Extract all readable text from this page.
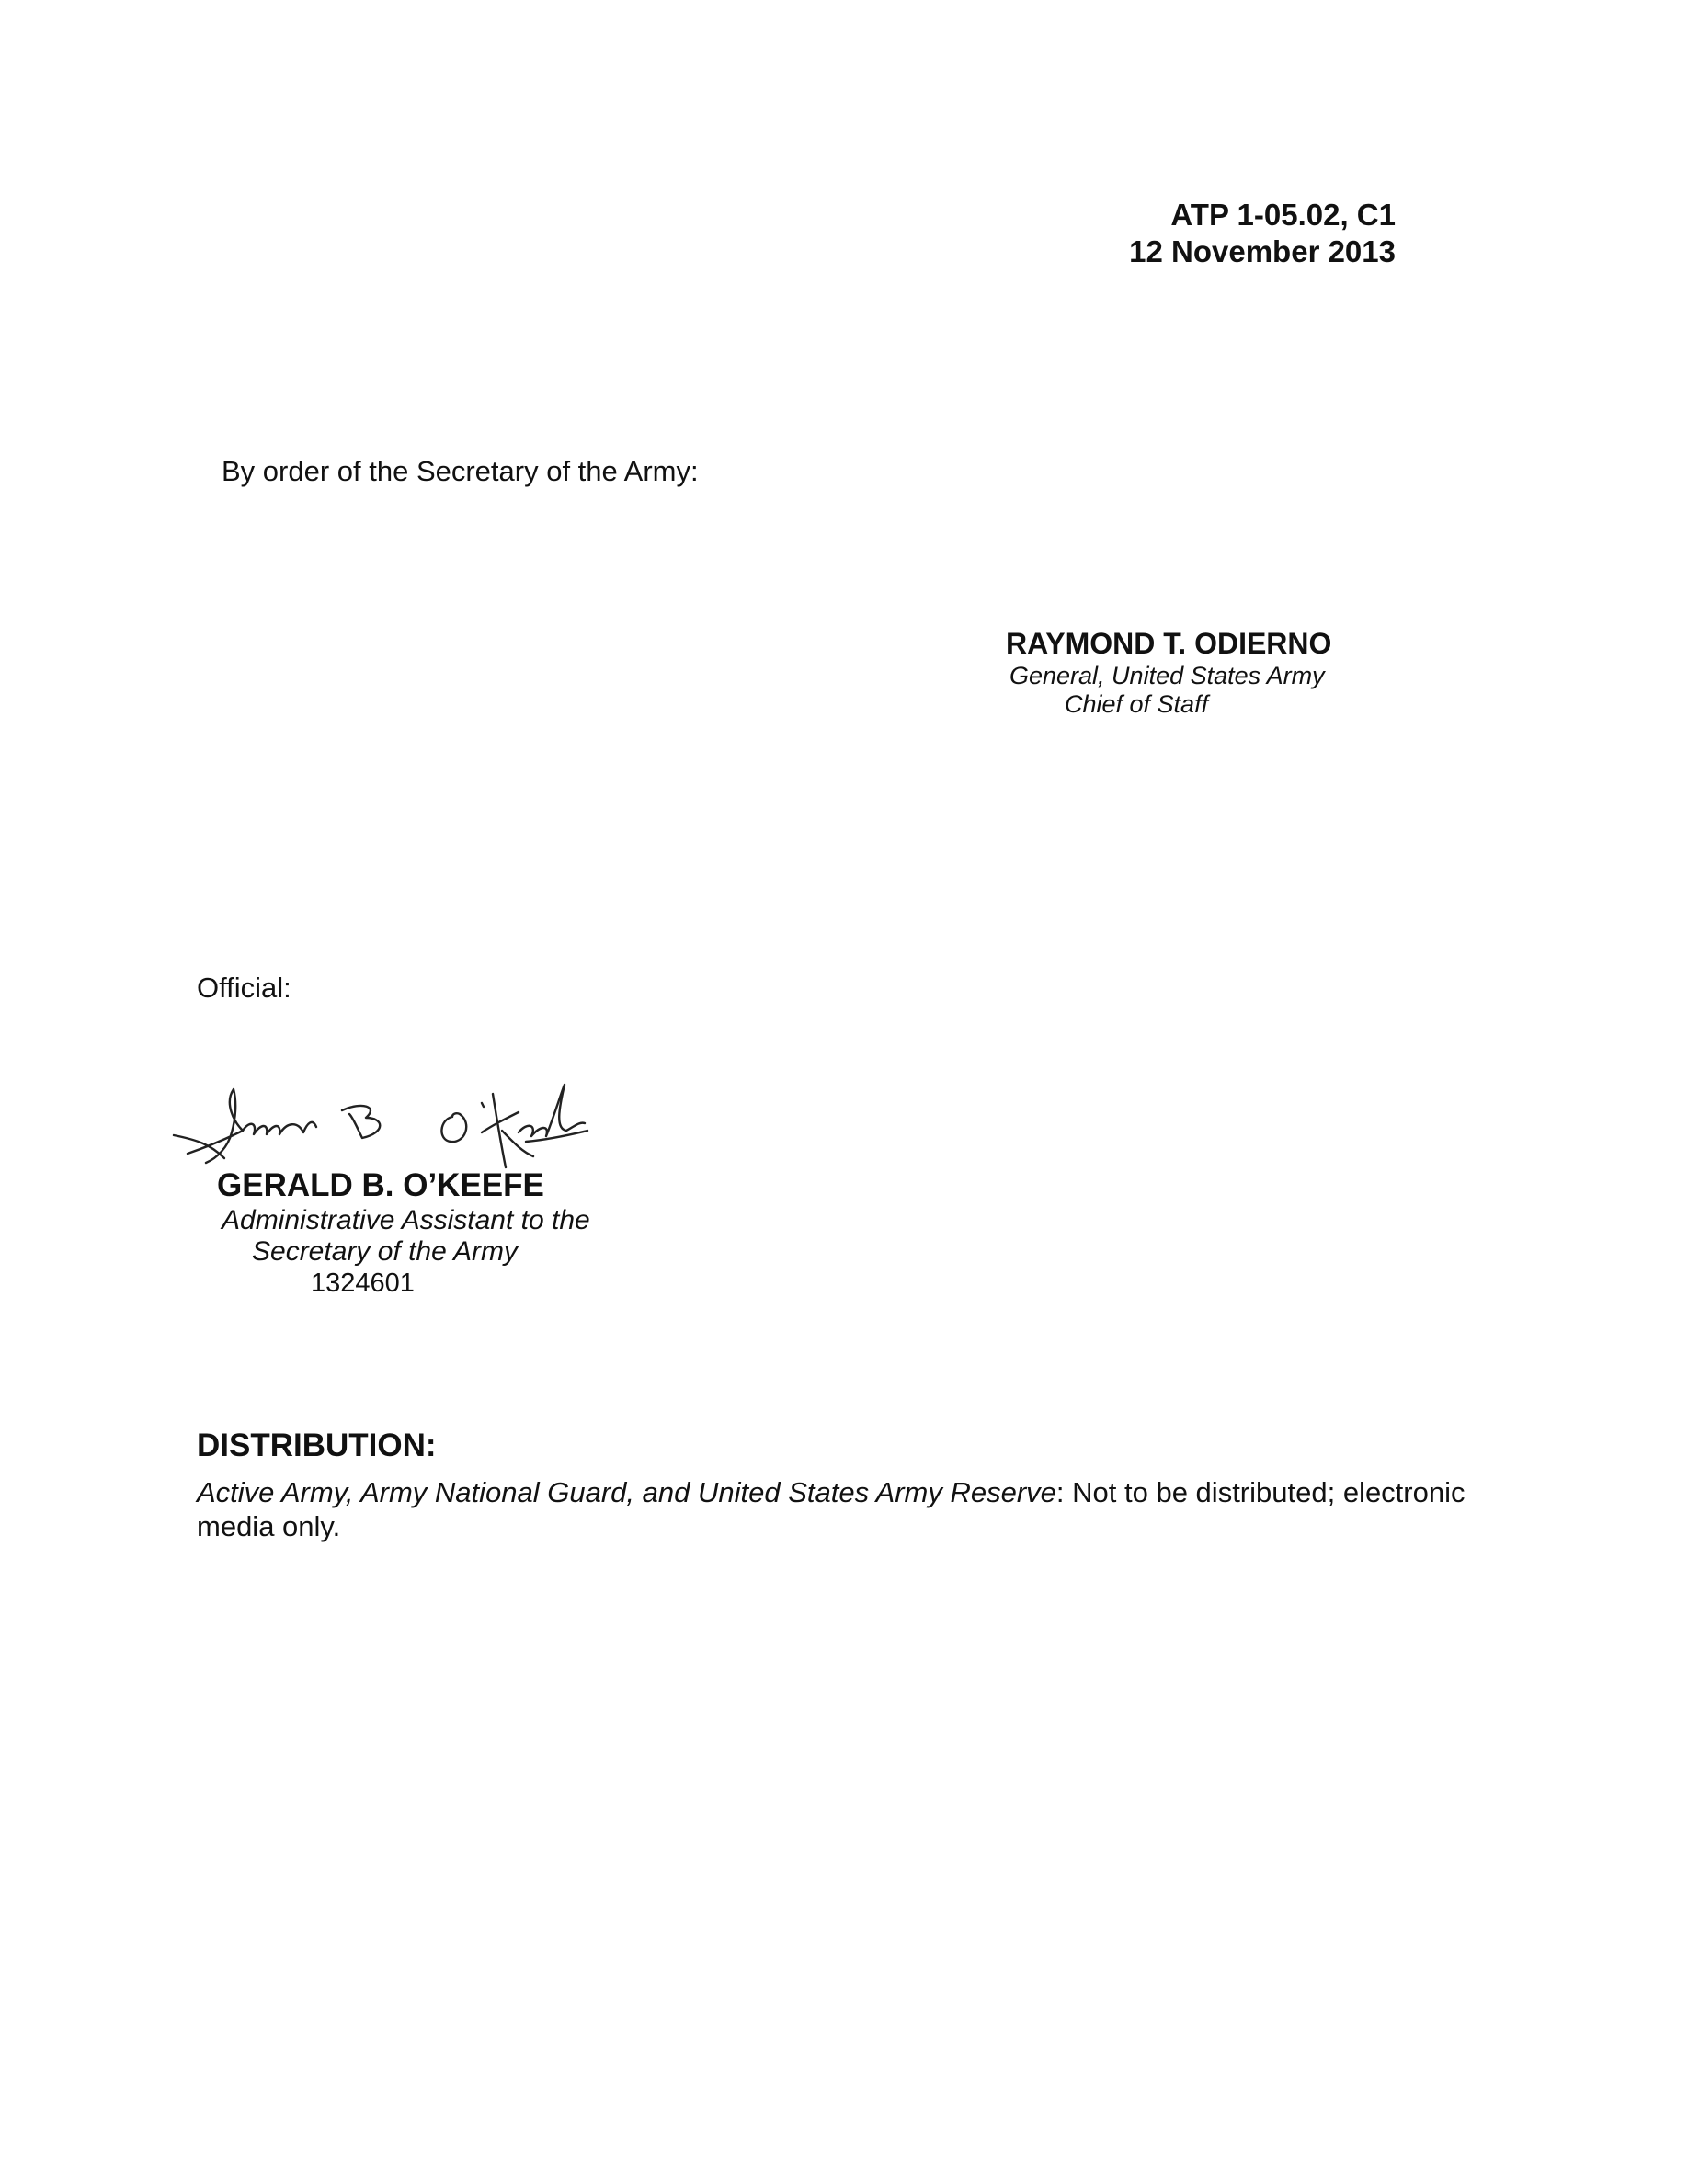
ATP 1-05.02, C1
12 November 2013
By order of the Secretary of the Army:
RAYMOND T. ODIERNO
General, United States Army
Chief of Staff
Official:
GERALD B. O’KEEFE
Administrative Assistant to the
Secretary of the Army
1324601
DISTRIBUTION:
Active Army, Army National Guard, and United States Army Reserve: Not to be distributed; electronic media only.
